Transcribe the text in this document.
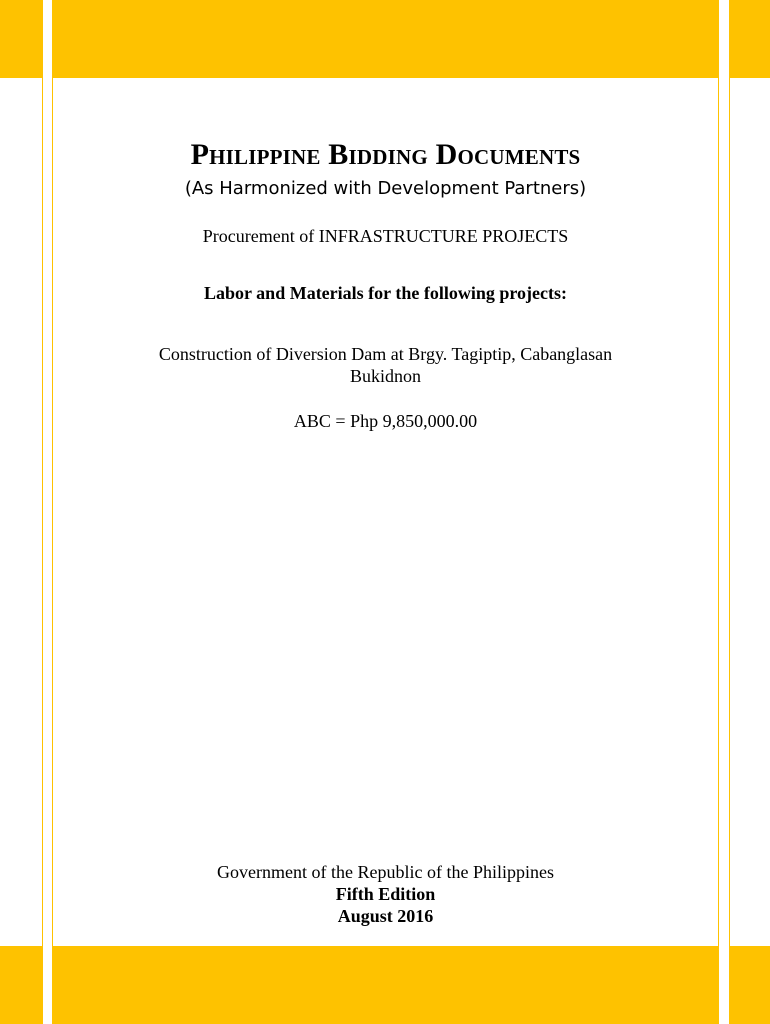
Philippine Bidding Documents
(As Harmonized with Development Partners)
Procurement of INFRASTRUCTURE PROJECTS
Labor and Materials for the following projects:
Construction of Diversion Dam at Brgy. Tagiptip, Cabanglasan
Bukidnon
ABC = Php 9,850,000.00
Government of the Republic of the Philippines
Fifth Edition
August 2016
